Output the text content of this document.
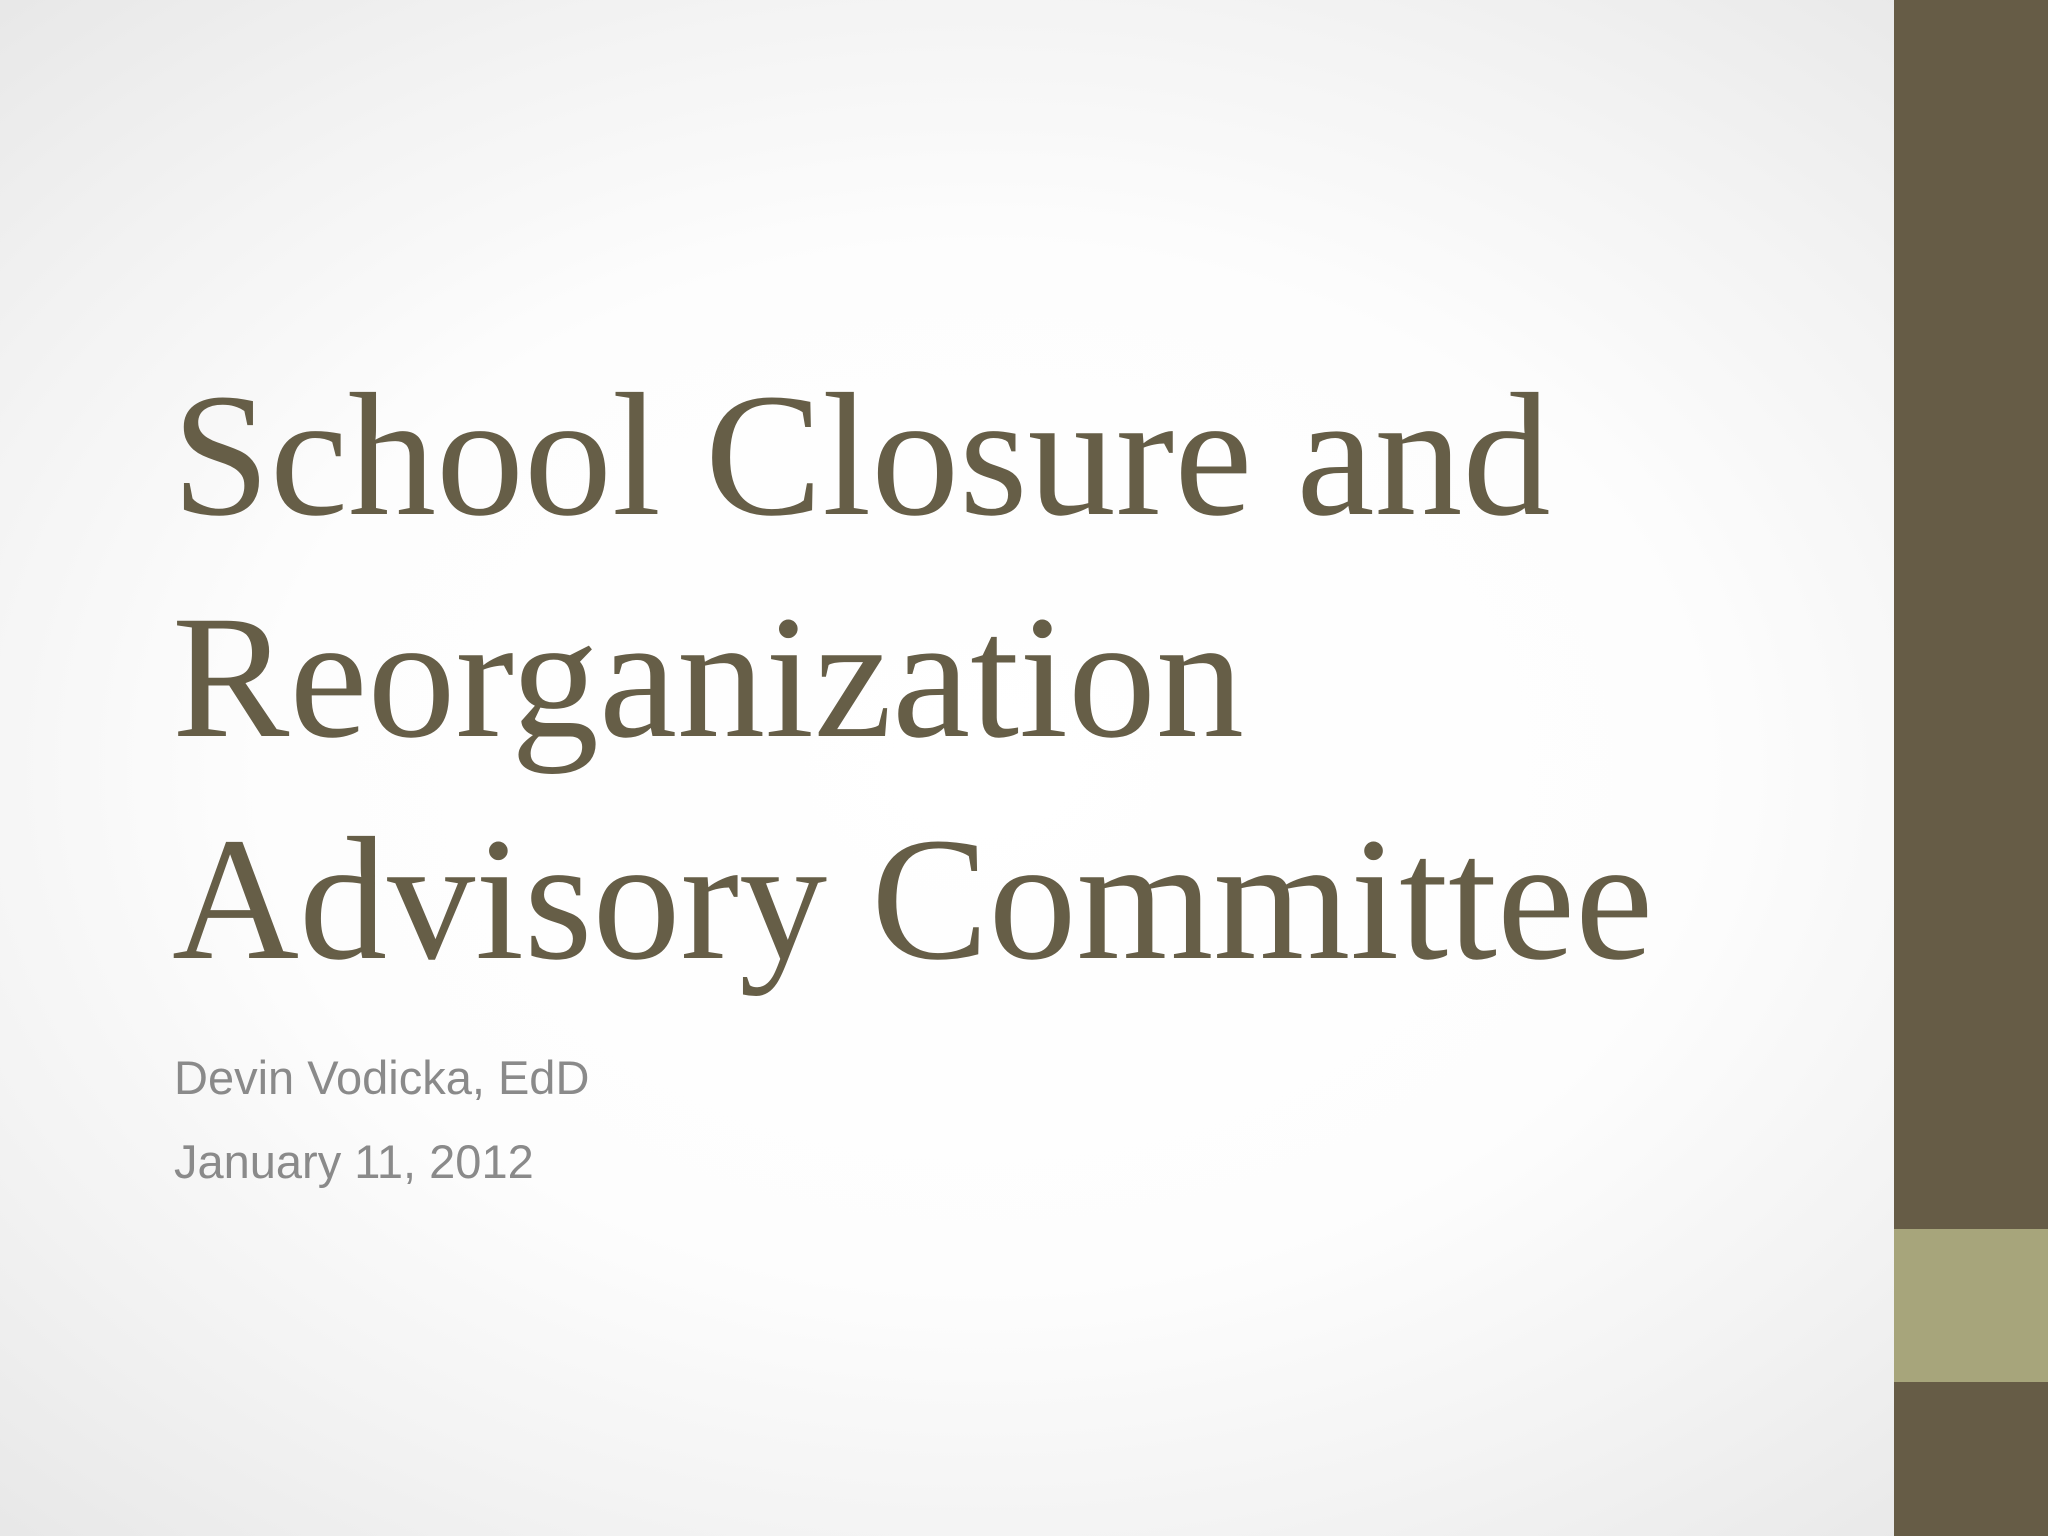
School Closure and
Reorganization
Advisory Committee
Devin Vodicka, EdD
January 11, 2012
